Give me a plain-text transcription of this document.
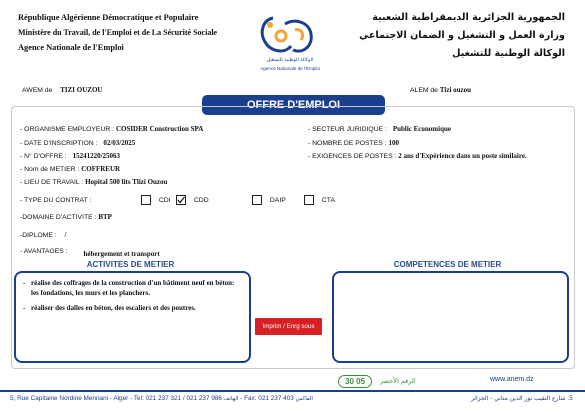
République Algérienne Démocratique et Populaire
Ministère du Travail, de l'Emploi et de La Sécurité Sociale
Agence Nationale de l'Emploi
الجمهورية الجزائرية الديمقراطية الشعبية
وزارة العمل و التشغيل و الضمان الاجتماعي
الوكالة الوطنية للتشغيل
الوكالة الوطنية للتشغيل
Agence Nationale de l'Emploi
AWEM de TIZI OUZOU	ALEM de Tizi ouzou
OFFRE D'EMPLOI
- ORGANISME EMPLOYEUR : COSIDER Construction SPA
- DATE D'INSCRIPTION : 02/03/2025
- N° D'OFFRE : 15241220/25063
- Nom de METIER : COFFREUR
- LIEU DE TRAVAIL : Hopital 500 lits Tlizi Ouzou
- SECTEUR JURIDIQUE : Public Economique
- NOMBRE DE POSTES : 100
- EXIGENCES DE POSTES : 2 ans d'Expérience dans un poste similaire.
- TYPE DU CONTRAT :	CDI	CDD	DAIP	CTA
-DOMAINE D'ACTIVITE : BTP
-DIPLOME : /
- AVANTAGES : hébergement et transport
ACTIVITES DE METIER	COMPETENCES DE METIER
- réalise des coffrages de la construction d'un bâtiment neuf en béton: les fondations, les murs et les planchers.
- réaliser des dalles en béton, des escaliers et des poutres.
Imprim / Enrg sous
30 05	الرقم الأخضر	www.anem.dz
5, Rue Capitaine Nordine Mennani - Alger - Tel: 021 237 321 / 021 237 986 الهاتف - Fax: 021 237 403 الفاكس	5. شارع النقيب نور الدين مناني - الجزائر
